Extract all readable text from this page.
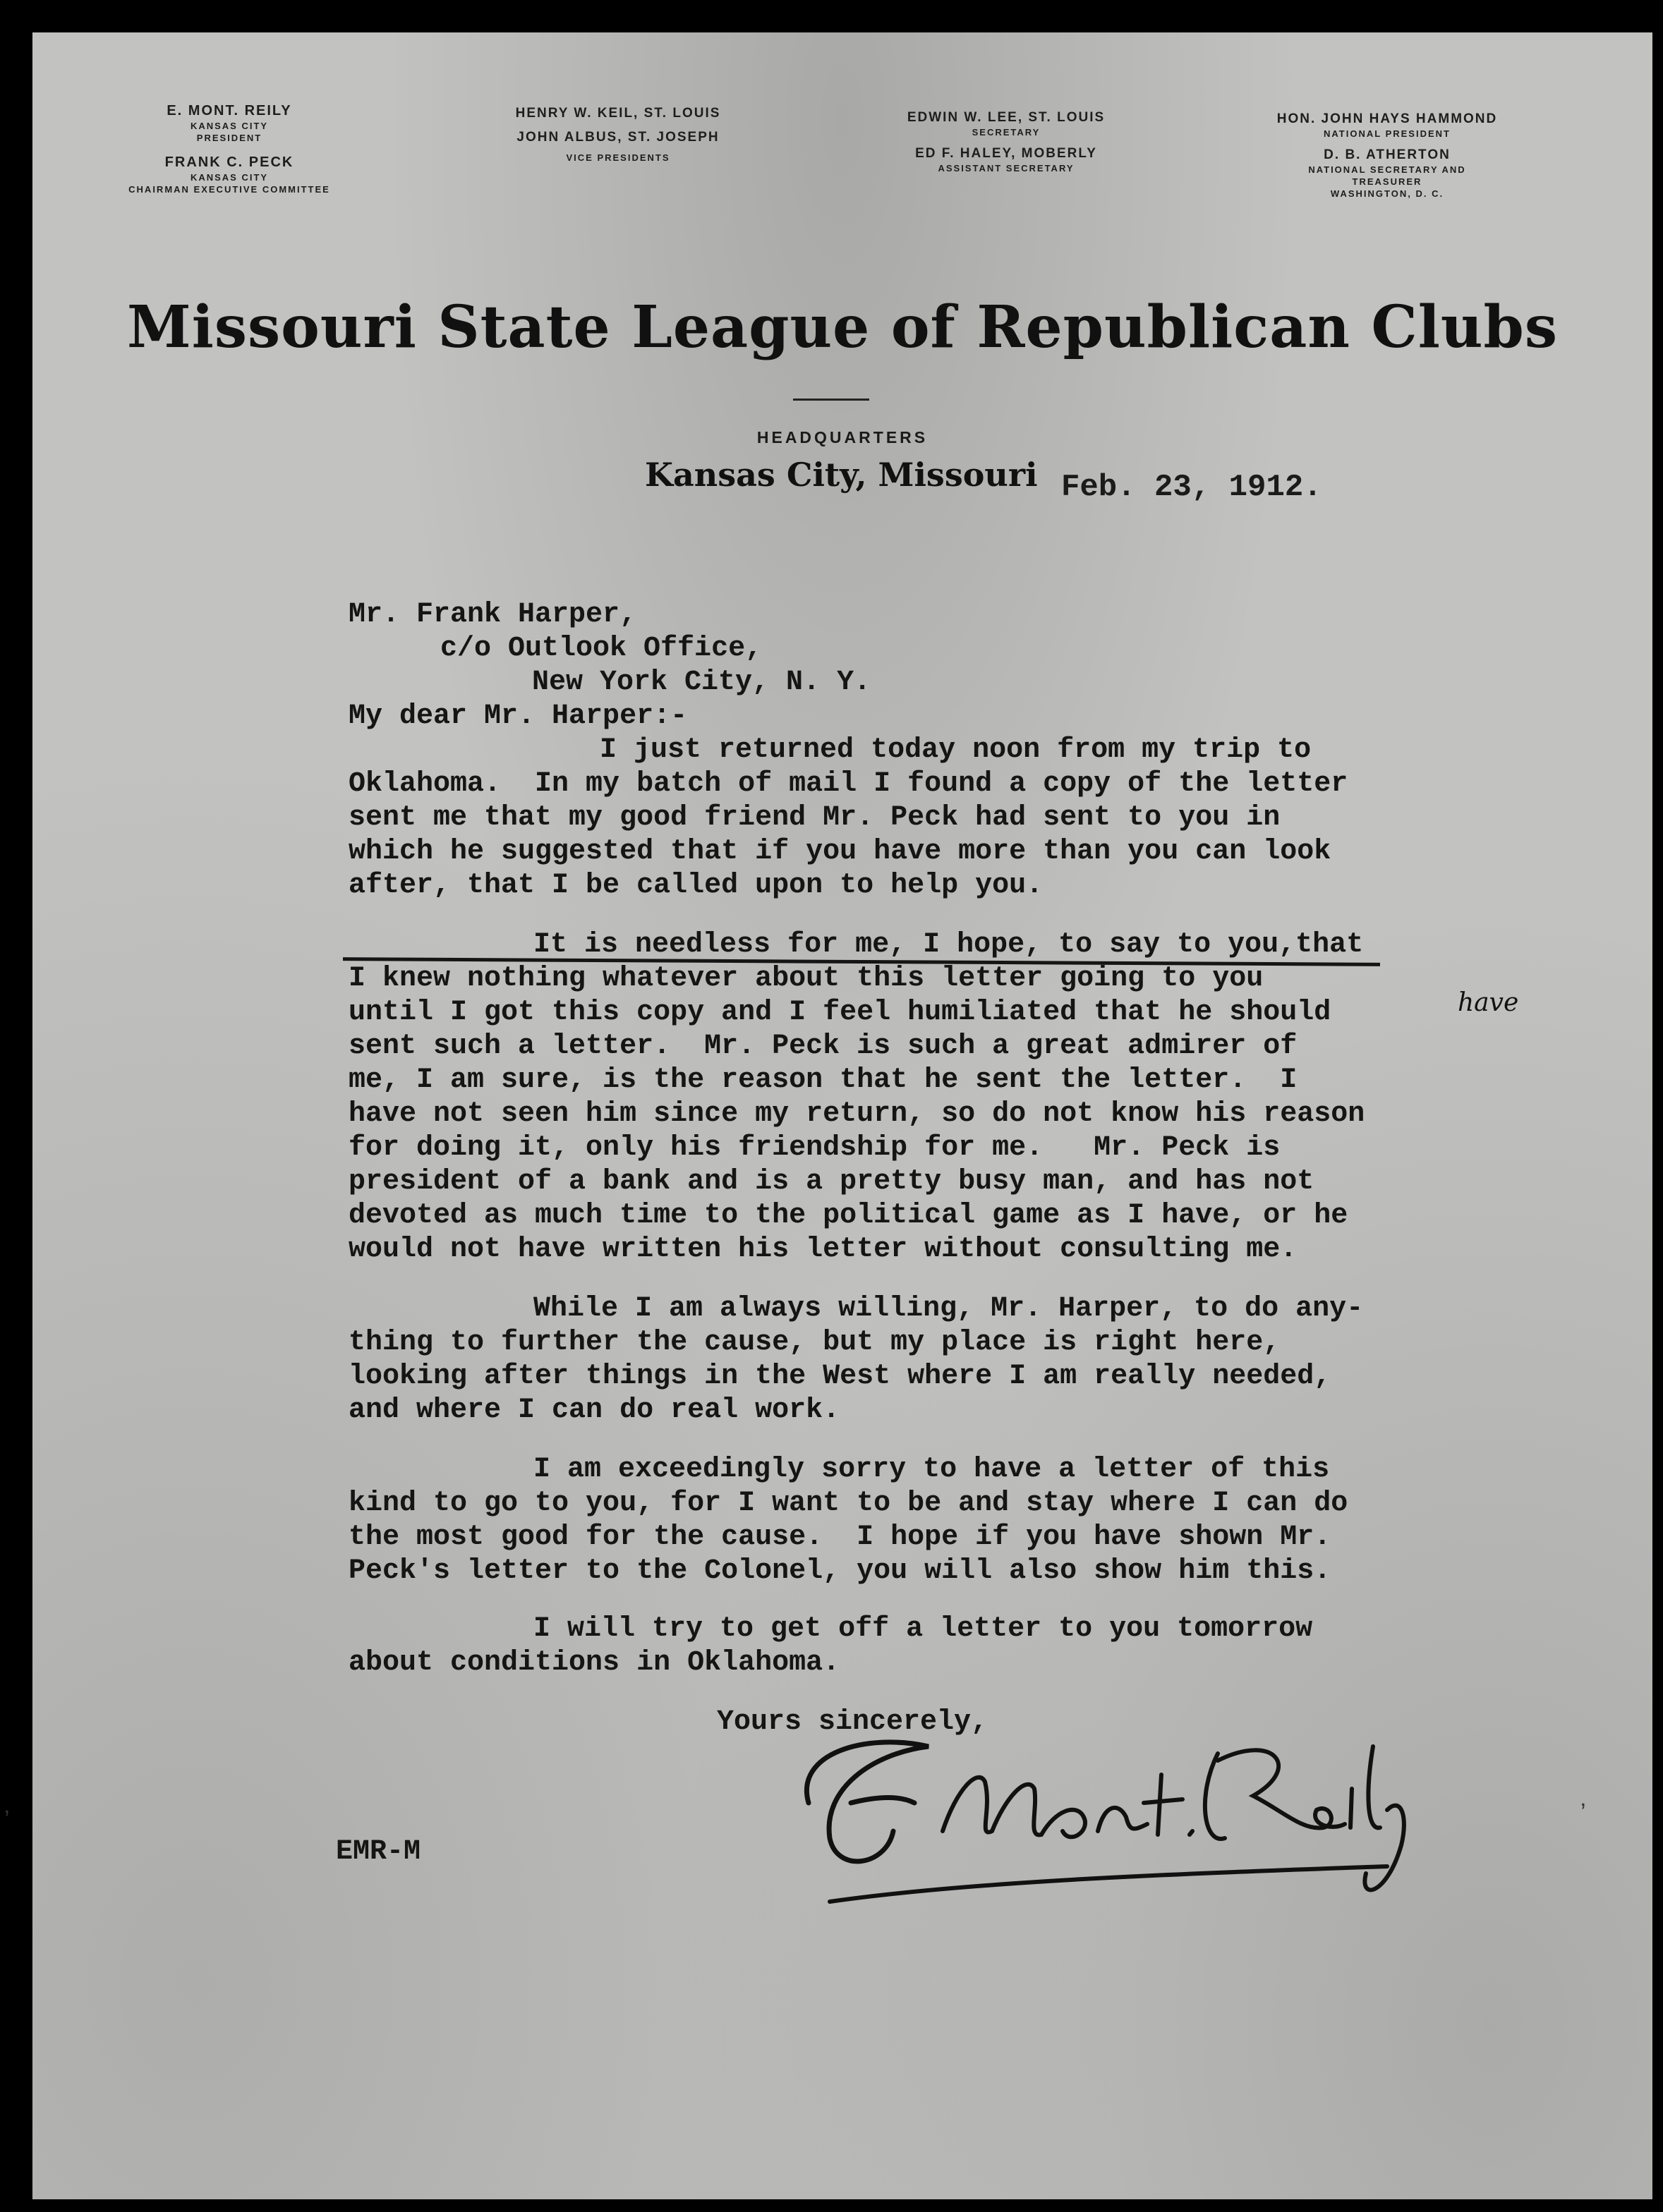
E. MONT. REILY

KANSAS CITY

PRESIDENT

FRANK C. PECK

KANSAS CITY

CHAIRMAN EXECUTIVE COMMITTEE

HENRY W. KEIL, ST. LOUIS

JOHN ALBUS, ST. JOSEPH

VICE PRESIDENTS

EDWIN W. LEE, ST. LOUIS

SECRETARY

ED F. HALEY, MOBERLY

ASSISTANT SECRETARY

HON. JOHN HAYS HAMMOND

NATIONAL PRESIDENT

D. B. ATHERTON

NATIONAL SECRETARY AND

TREASURER

WASHINGTON, D. C.

Missouri State League of Republican Clubs
HEADQUARTERS
Kansas City, Missouri Feb. 23, 1912.
Mr. Frank Harper,
c/o Outlook Office,
New York City, N. Y.
My dear Mr. Harper:-
I just returned today noon from my trip to
Oklahoma.  In my batch of mail I found a copy of the letter
sent me that my good friend Mr. Peck had sent to you in
which he suggested that if you have more than you can look
after, that I be called upon to help you.
It is needless for me, I hope, to say to you,that
I knew nothing whatever about this letter going to you
until I got this copy and I feel humiliated that he should	have
sent such a letter.  Mr. Peck is such a great admirer of
me, I am sure, is the reason that he sent the letter.  I
have not seen him since my return, so do not know his reason
for doing it, only his friendship for me.   Mr. Peck is
president of a bank and is a pretty busy man, and has not
devoted as much time to the political game as I have, or he
would not have written his letter without consulting me.
While I am always willing, Mr. Harper, to do any-
thing to further the cause, but my place is right here,
looking after things in the West where I am really needed,
and where I can do real work.
I am exceedingly sorry to have a letter of this
kind to go to you, for I want to be and stay where I can do
the most good for the cause.  I hope if you have shown Mr.
Peck's letter to the Colonel, you will also show him this.
I will try to get off a letter to you tomorrow
about conditions in Oklahoma.
Yours sincerely,
E. Mont. Reily
EMR-M
‚	‚
